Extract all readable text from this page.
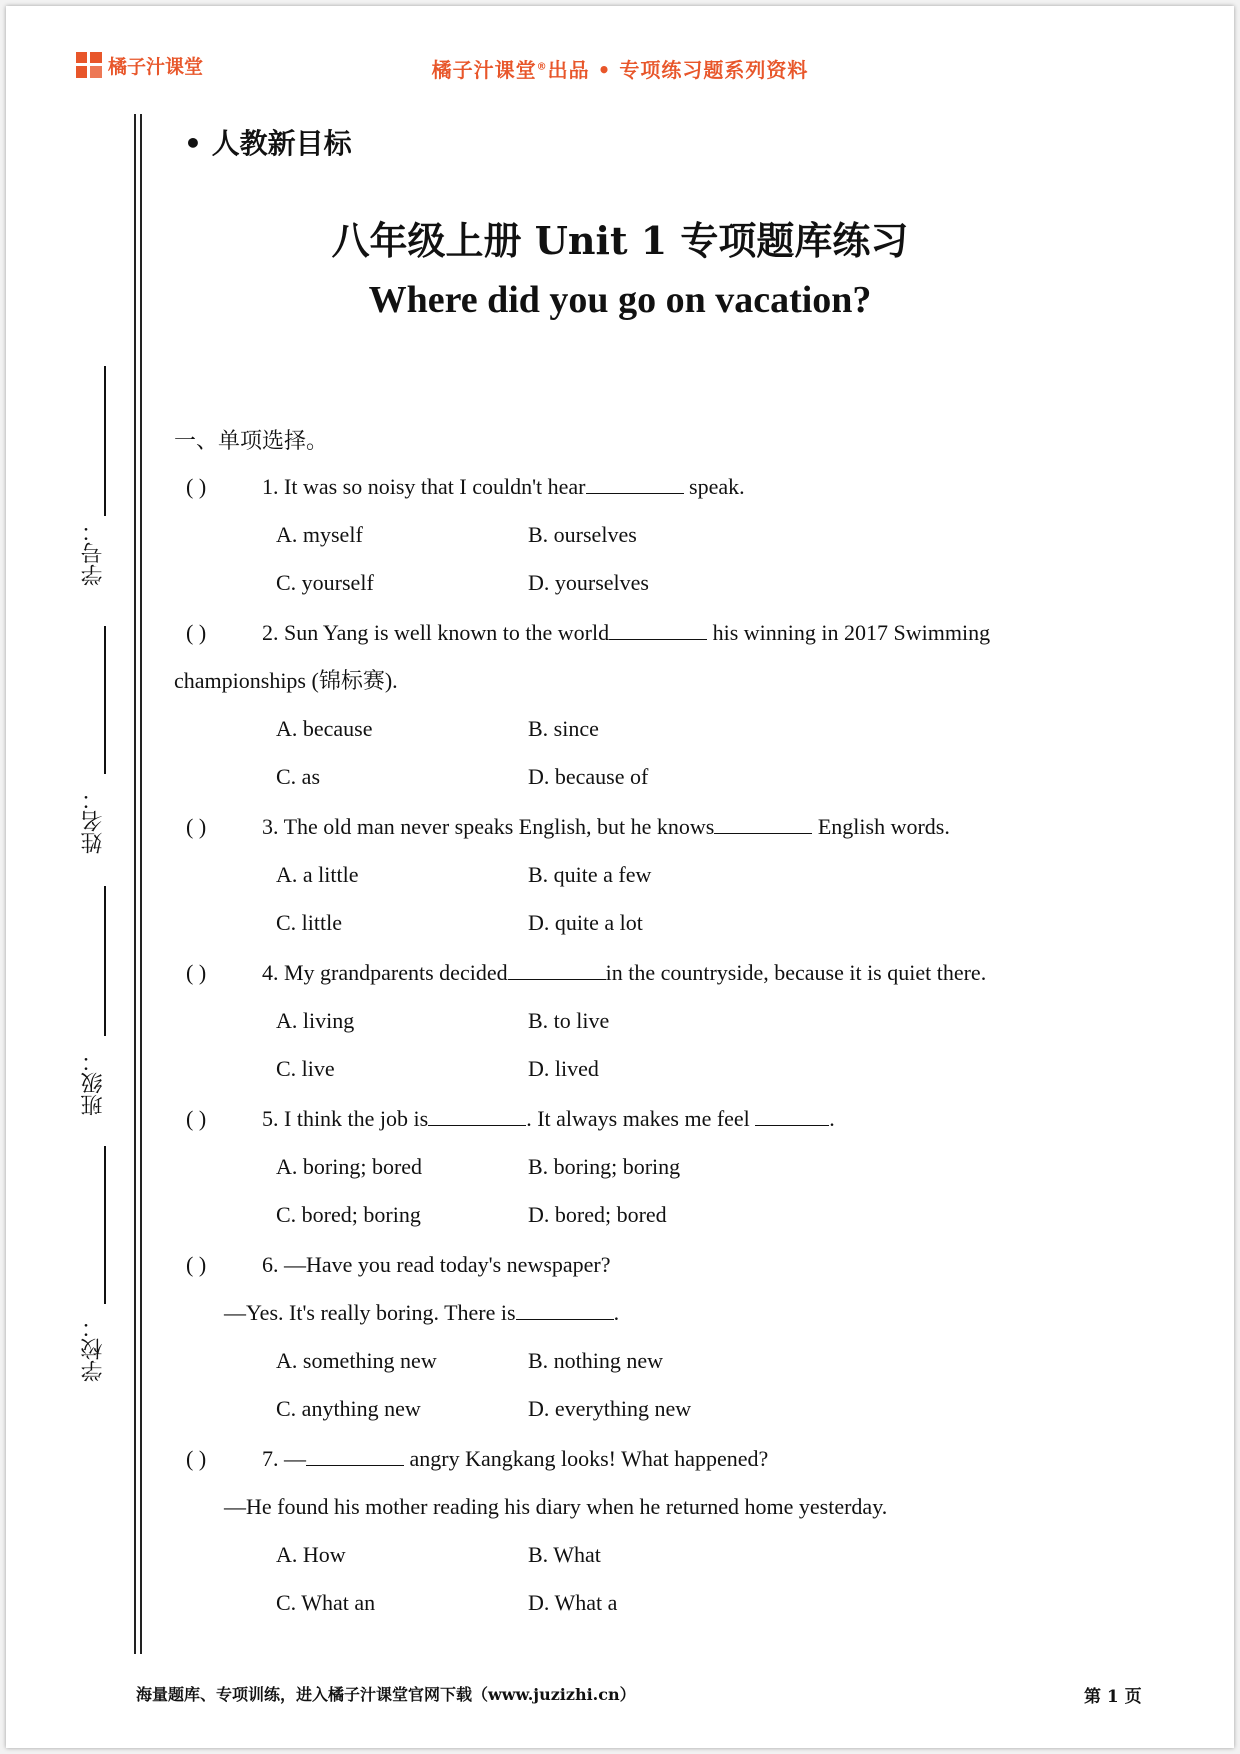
橘子汁课堂	橘子汁课堂®出品 • 专项练习题系列资料
学号：
姓名：
班级：
学校：
• 人教新目标
八年级上册 Unit 1 专项题库练习
Where did you go on vacation?
一、单项选择。
( )	1. It was so noisy that I couldn't hear	speak.
A. myself	B. ourselves
C. yourself	D. yourselves
( )	2. Sun Yang is well known to the world	his winning in 2017 Swimming
championships (锦标赛).
A. because	B. since
C. as	D. because of
( )	3. The old man never speaks English, but he knows	English words.
A. a little	B. quite a few
C. little	D. quite a lot
( )	4. My grandparents decided	in the countryside, because it is quiet there.
A. living	B. to live
C. live	D. lived
( )	5. I think the job is	. It always makes me feel	.
A. boring; bored	B. boring; boring
C. bored; boring	D. bored; bored
( )	6. —Have you read today's newspaper?
—Yes. It's really boring. There is	.
A. something new	B. nothing new
C. anything new	D. everything new
( )	7. —	angry Kangkang looks! What happened?
—He found his mother reading his diary when he returned home yesterday.
A. How	B. What
C. What an	D. What a
海量题库、专项训练，进入橘子汁课堂官网下载（www.juzizhi.cn）	第 1 页
